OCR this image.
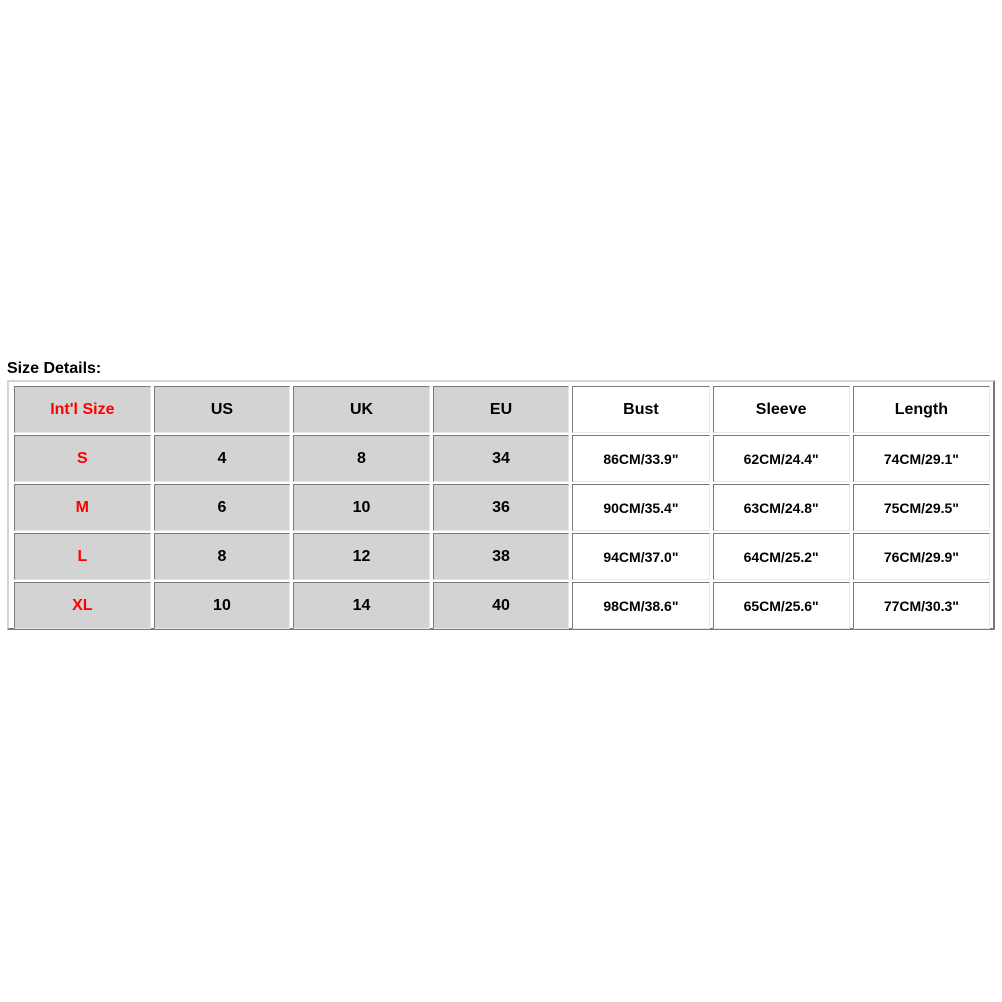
Size Details:
Int'l Size	US	UK	EU	Bust	Sleeve	Length
S	4	8	34	86CM/33.9"	62CM/24.4"	74CM/29.1"
M	6	10	36	90CM/35.4"	63CM/24.8"	75CM/29.5"
L	8	12	38	94CM/37.0"	64CM/25.2"	76CM/29.9"
XL	10	14	40	98CM/38.6"	65CM/25.6"	77CM/30.3"
